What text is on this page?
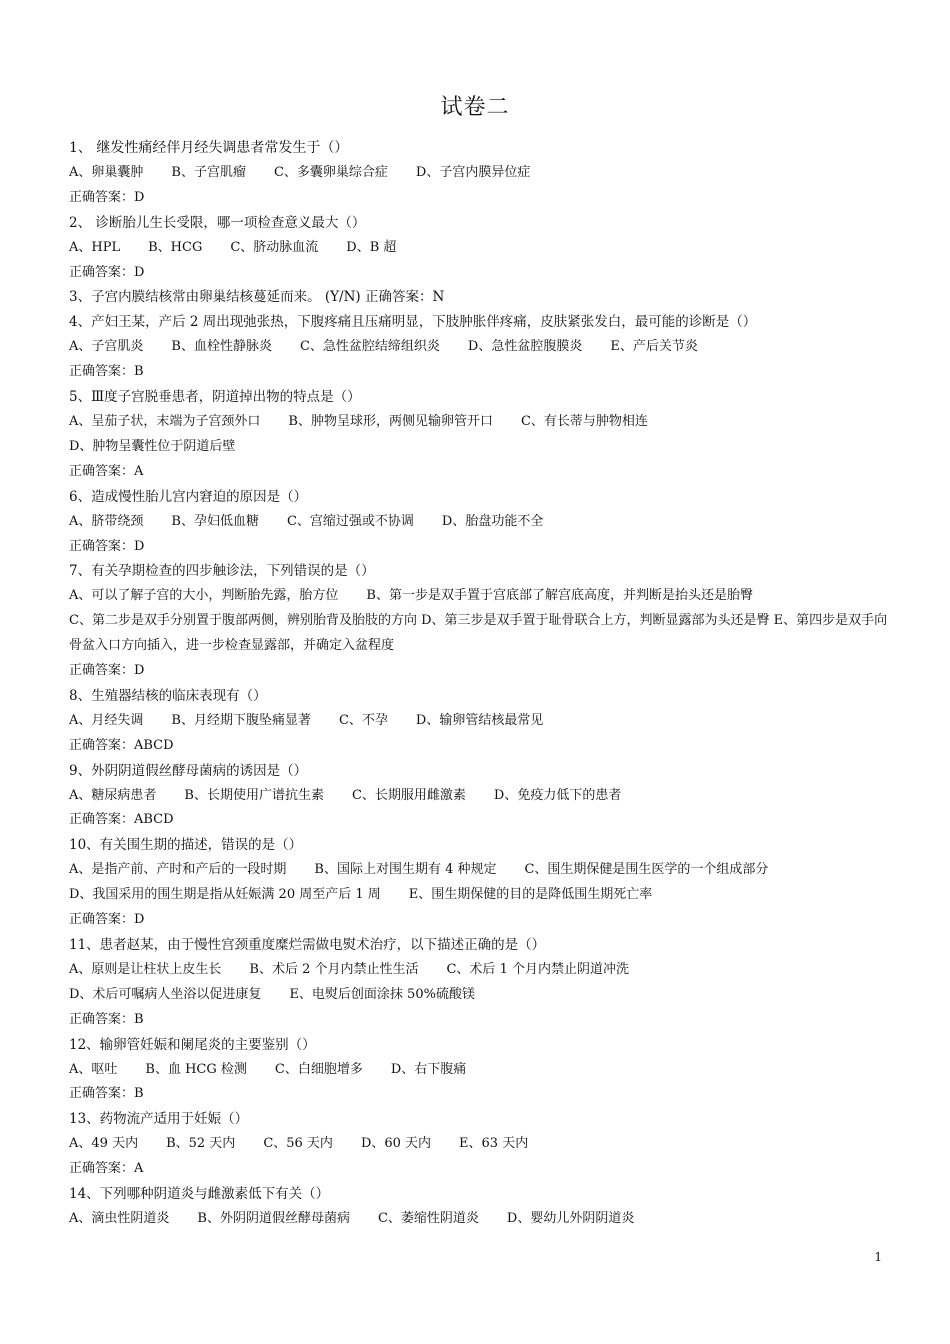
试卷二
1、 继发性痛经伴月经失调患者常发生于（）
A、卵巢囊肿 B、子宫肌瘤 C、多囊卵巢综合症 D、子宫内膜异位症
正确答案：D
2、 诊断胎儿生长受限，哪一项检查意义最大（）
A、HPL B、HCG C、脐动脉血流 D、B 超
正确答案：D
3、子宫内膜结核常由卵巢结核蔓延而来。 (Y/N) 正确答案：N
4、产妇王某，产后 2 周出现弛张热，下腹疼痛且压痛明显，下肢肿胀伴疼痛，皮肤紧张发白，最可能的诊断是（）
A、子宫肌炎 B、血栓性静脉炎 C、急性盆腔结缔组织炎 D、急性盆腔腹膜炎 E、产后关节炎
正确答案：B
5、Ⅲ度子宫脱垂患者，阴道掉出物的特点是（）
A、呈茄子状，末端为子宫颈外口 B、肿物呈球形，两侧见输卵管开口 C、有长蒂与肿物相连
D、肿物呈囊性位于阴道后壁
正确答案：A
6、造成慢性胎儿宫内窘迫的原因是（）
A、脐带绕颈 B、孕妇低血糖 C、宫缩过强或不协调 D、胎盘功能不全
正确答案：D
7、有关孕期检查的四步触诊法，下列错误的是（）
A、可以了解子宫的大小，判断胎先露，胎方位 B、第一步是双手置于宫底部了解宫底高度，并判断是抬头还是胎臀
C、第二步是双手分别置于腹部两侧，辨别胎背及胎肢的方向 D、第三步是双手置于耻骨联合上方，判断显露部为头还是臀 E、第四步是双手向骨盆入口方向插入，进一步检查显露部，并确定入盆程度
正确答案：D
8、生殖器结核的临床表现有（）
A、月经失调 B、月经期下腹坠痛显著 C、不孕 D、输卵管结核最常见
正确答案：ABCD
9、外阴阴道假丝酵母菌病的诱因是（）
A、糖尿病患者 B、长期使用广谱抗生素 C、长期服用雌激素 D、免疫力低下的患者
正确答案：ABCD
10、有关围生期的描述，错误的是（）
A、是指产前、产时和产后的一段时期 B、国际上对围生期有 4 种规定 C、围生期保健是围生医学的一个组成部分
D、我国采用的围生期是指从妊娠满 20 周至产后 1 周 E、围生期保健的目的是降低围生期死亡率
正确答案：D
11、患者赵某，由于慢性宫颈重度糜烂需做电熨术治疗，以下描述正确的是（）
A、原则是让柱状上皮生长 B、术后 2 个月内禁止性生活 C、术后 1 个月内禁止阴道冲洗
D、术后可嘱病人坐浴以促进康复 E、电熨后创面涂抹 50%硫酸镁
正确答案：B
12、输卵管妊娠和阑尾炎的主要鉴别（）
A、呕吐 B、血 HCG 检测 C、白细胞增多 D、右下腹痛
正确答案：B
13、药物流产适用于妊娠（）
A、49 天内 B、52 天内 C、56 天内 D、60 天内 E、63 天内
正确答案：A
14、下列哪种阴道炎与雌激素低下有关（）
A、滴虫性阴道炎 B、外阴阴道假丝酵母菌病 C、萎缩性阴道炎 D、婴幼儿外阴阴道炎
1
